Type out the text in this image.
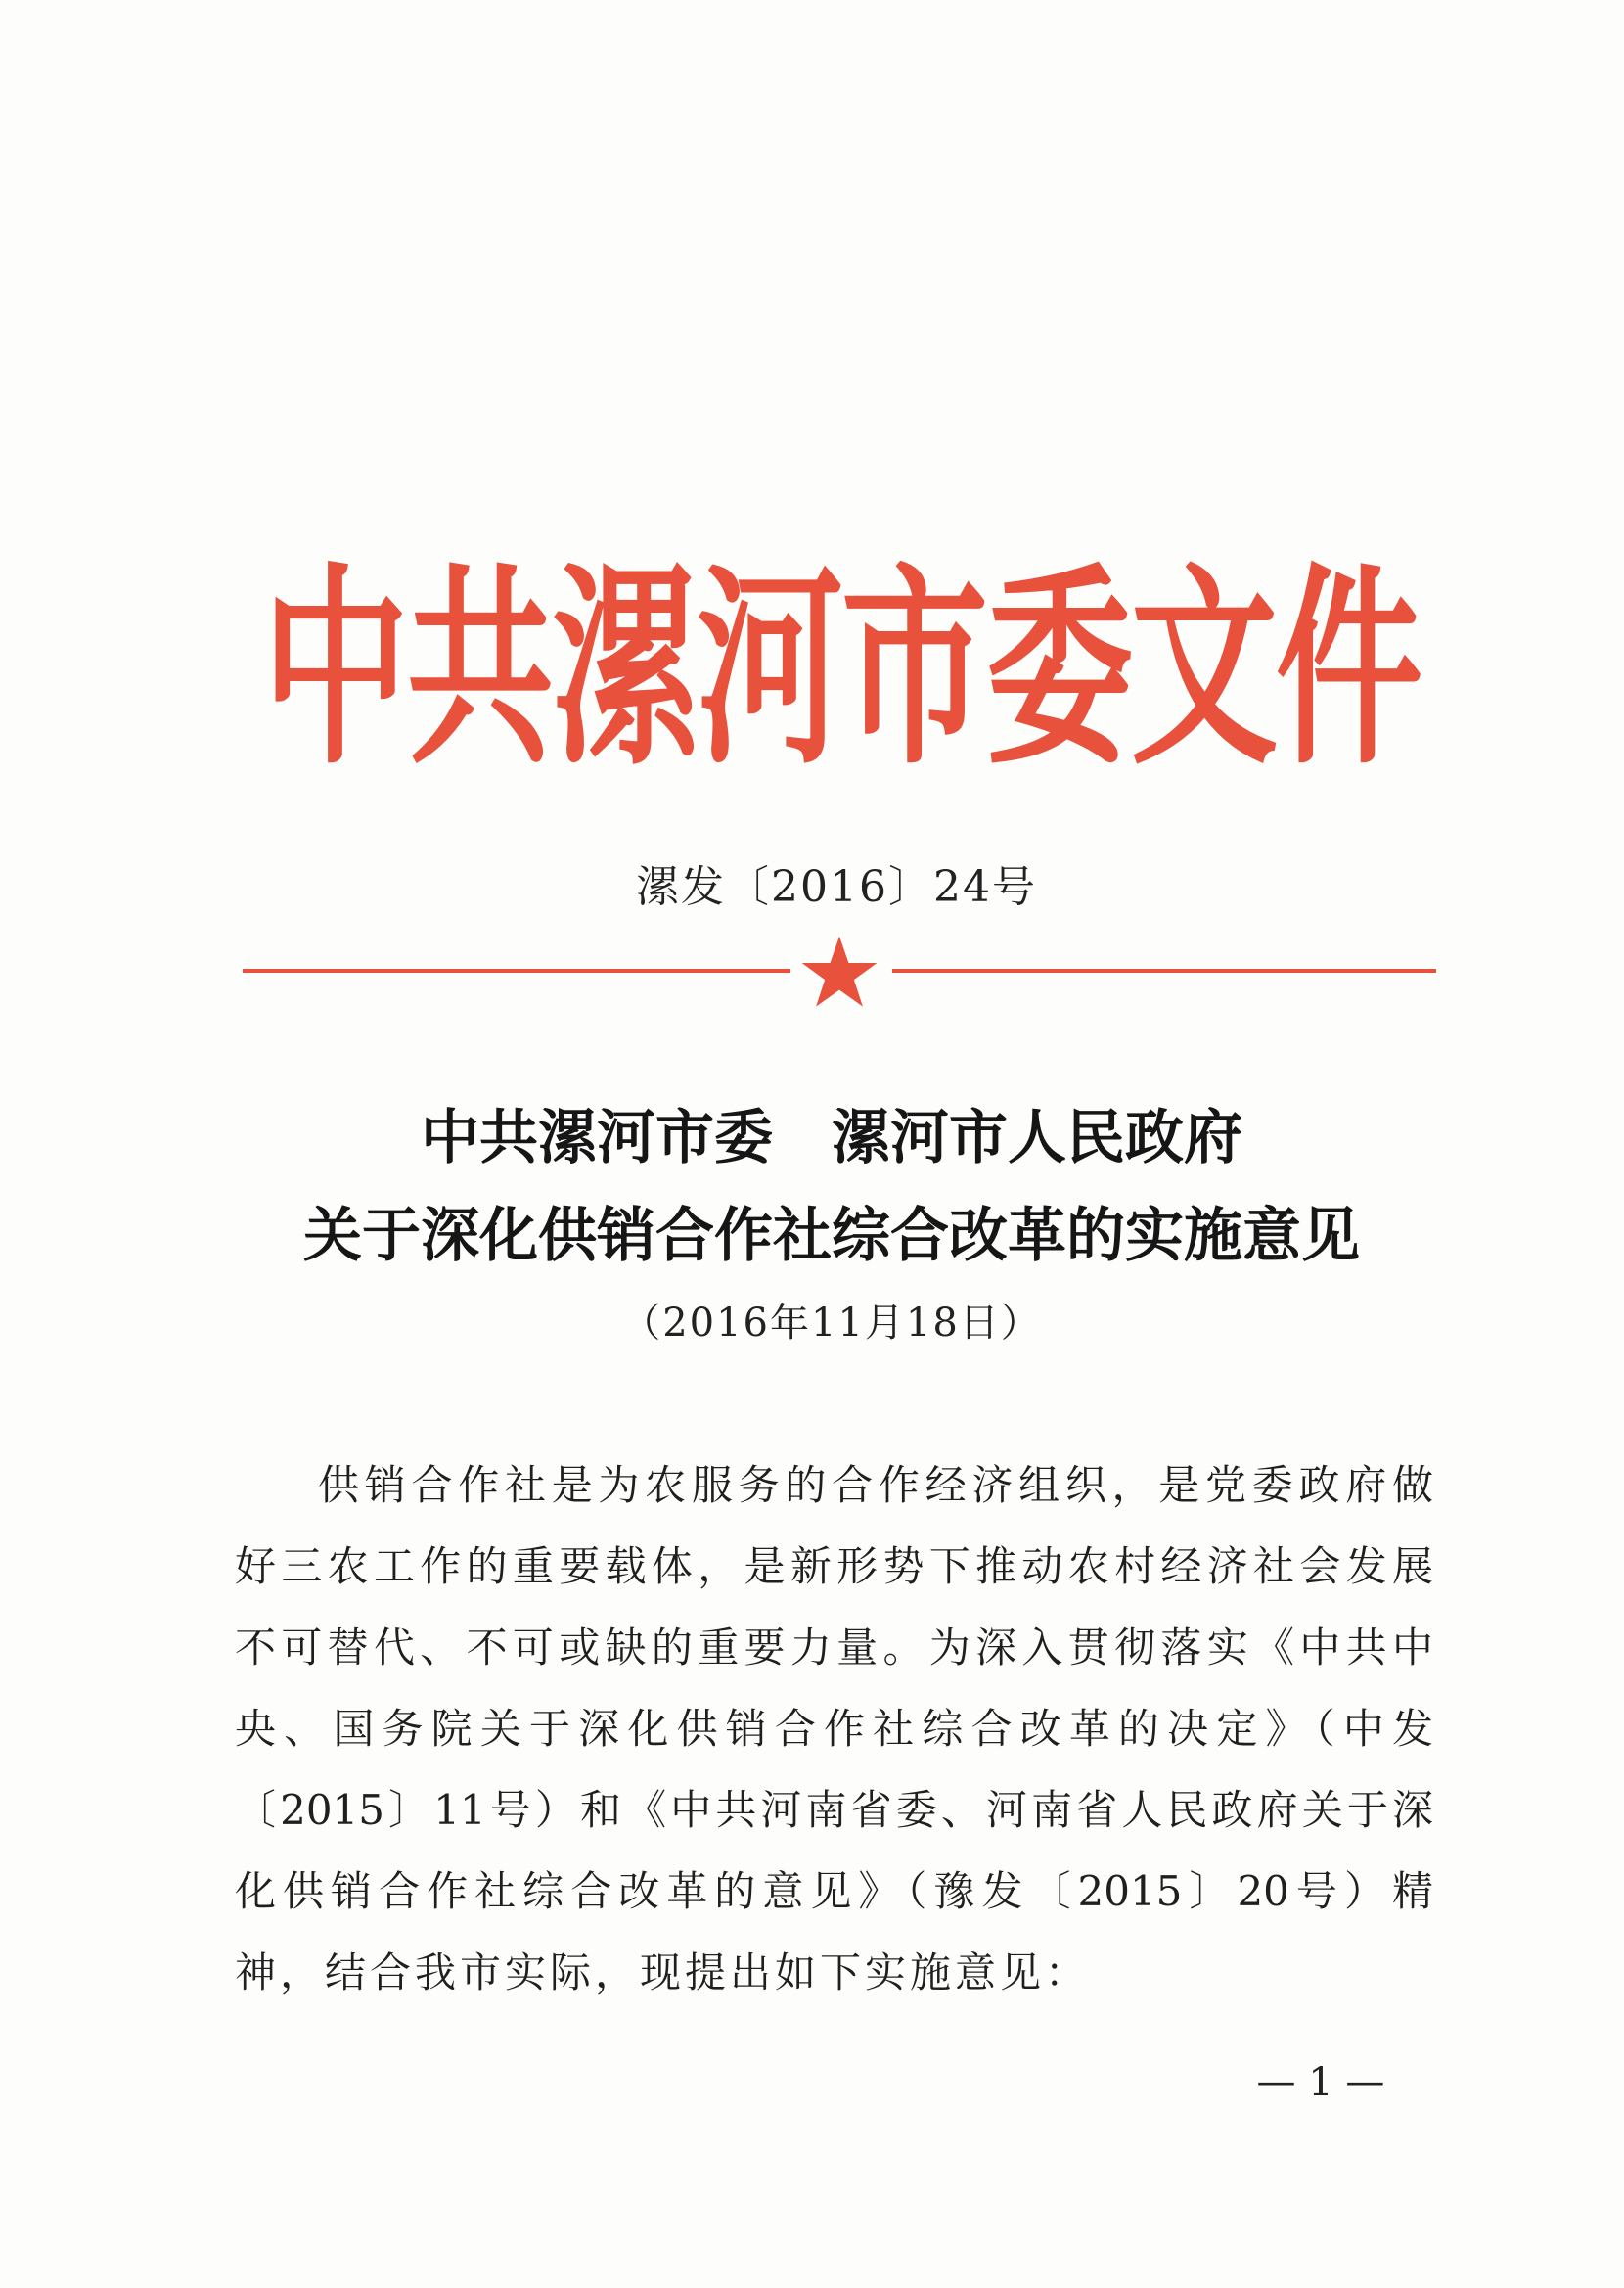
中共漯河市委文件
漯发〔2016〕24号
中共漯河市委　漯河市人民政府
关于深化供销合作社综合改革的实施意见
（2016年11月18日）
供销合作社是为农服务的合作经济组织，是党委政府做
好三农工作的重要载体，是新形势下推动农村经济社会发展
不可替代、不可或缺的重要力量。为深入贯彻落实《中共中
央、国务院关于深化供销合作社综合改革的决定》（中发
〔2015〕11号）和《中共河南省委、河南省人民政府关于深
化供销合作社综合改革的意见》（豫发〔2015〕20号）精
神，结合我市实际，现提出如下实施意见：
— 1 —
